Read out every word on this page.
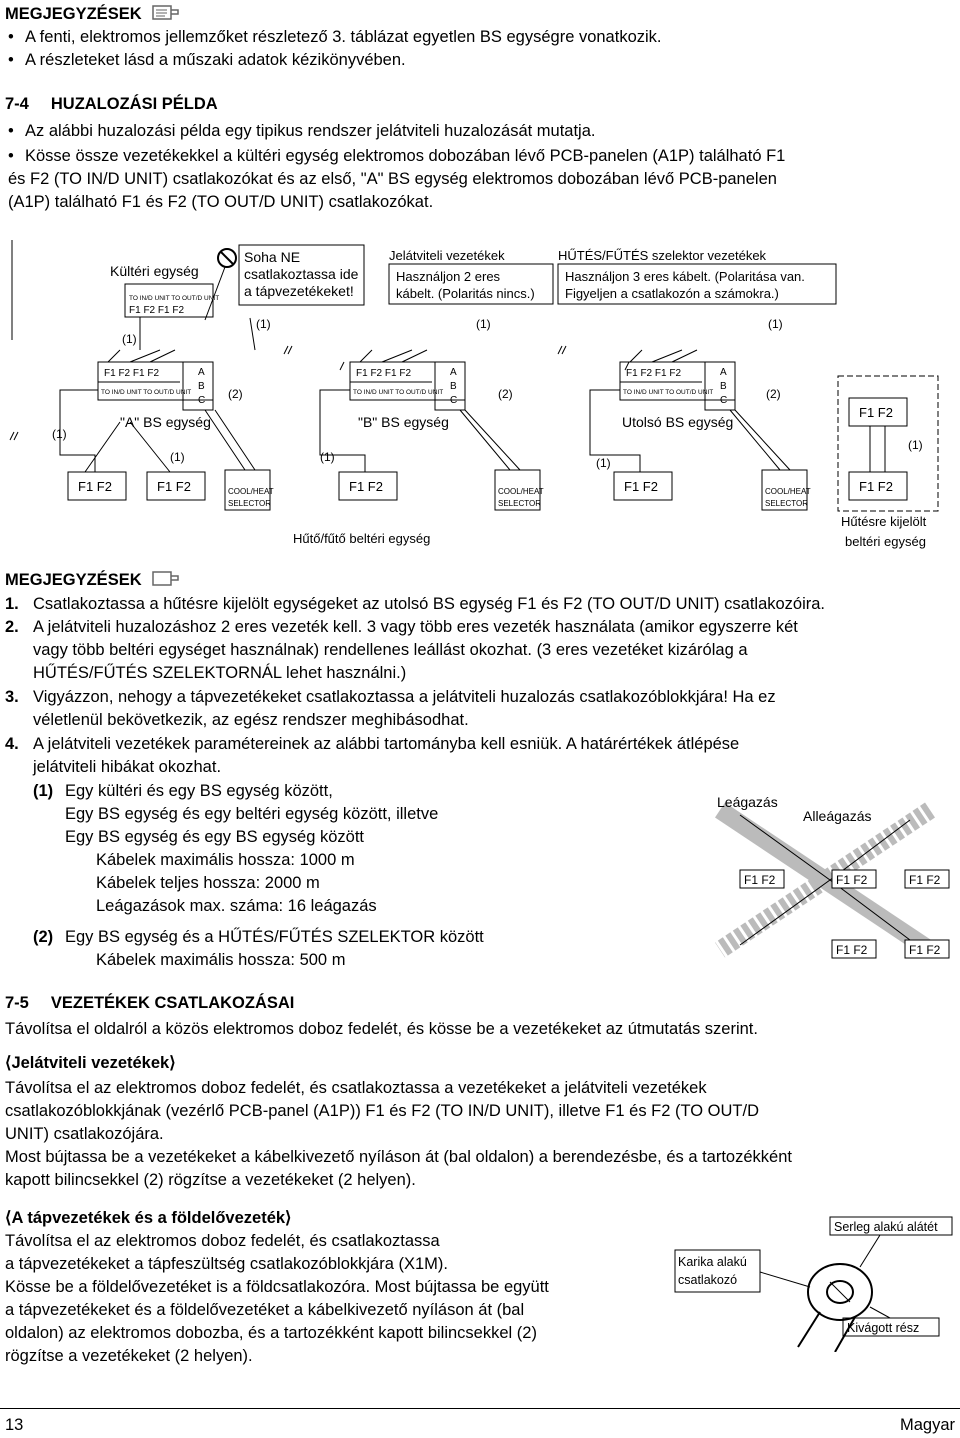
MEGJEGYZÉSEK
• A fenti, elektromos jellemzőket részletező 3. táblázat egyetlen BS egységre vonatkozik.
• A részleteket lásd a műszaki adatok kézikönyvében.
7-4 HUZALOZÁSI PÉLDA
• Az alábbi huzalozási példa egy tipikus rendszer jelátviteli huzalozását mutatja.
• Kösse össze vezetékekkel a kültéri egység elektromos dobozában lévő PCB-panelen (A1P) található F1
és F2 (TO IN/D UNIT) csatlakozókat és az első, "A" BS egység elektromos dobozában lévő PCB-panelen
(A1P) található F1 és F2 (TO OUT/D UNIT) csatlakozókat.
Kültéri egység
TO IN/D UNIT TO OUT/D UNIT
F1 F2 F1 F2
Soha NE
csatlakoztassa ide
a tápvezetékeket!
Jelátviteli vezetékek
Használjon 2 eres
kábelt. (Polaritás nincs.)
HŰTÉS/FŰTÉS szelektor vezetékek
Használjon 3 eres kábelt. (Polaritása van.
Figyeljen a csatlakozón a számokra.)
(1)
(1)	(1)	(1)
F1 F2 F1 F2
TO IN/D UNIT TO OUT/D UNIT
A
B
C (2)
"A" BS egység
F1 F2 F1 F2
TO IN/D UNIT TO OUT/D UNIT
A
B
C	(2)
"B" BS egység
F1 F2 F1 F2
TO IN/D UNIT TO OUT/D UNIT
A
B
C	(2)
Utolsó BS egység
(1)
(1)	(1)	(1)
(1)
F1 F2	F1 F2	F1 F2	F1 F2
F1 F2
F1 F2
COOL/HEAT
SELECTOR
COOL/HEAT
SELECTOR
COOL/HEAT
SELECTOR
Hűtő/fűtő beltéri egység
Hűtésre kijelölt
beltéri egység
MEGJEGYZÉSEK
1. Csatlakoztassa a hűtésre kijelölt egységeket az utolsó BS egység F1 és F2 (TO OUT/D UNIT) csatlakozóira.
2. A jelátviteli huzalozáshoz 2 eres vezeték kell. 3 vagy több eres vezeték használata (amikor egyszerre két
vagy több beltéri egységet használnak) rendellenes leállást okozhat. (3 eres vezetéket kizárólag a
HŰTÉS/FŰTÉS SZELEKTORNÁL lehet használni.)
3. Vigyázzon, nehogy a tápvezetékeket csatlakoztassa a jelátviteli huzalozás csatlakozóblokkjára! Ha ez
véletlenül bekövetkezik, az egész rendszer meghibásodhat.
4. A jelátviteli vezetékek paramétereinek az alábbi tartományba kell esniük. A határértékek átlépése
jelátviteli hibákat okozhat.
(1) Egy kültéri és egy BS egység között,
Egy BS egység és egy beltéri egység között, illetve
Egy BS egység és egy BS egység között
Kábelek maximális hossza: 1000 m
Kábelek teljes hossza: 2000 m
Leágazások max. száma: 16 leágazás
(2) Egy BS egység és a HŰTÉS/FŰTÉS SZELEKTOR között
Kábelek maximális hossza: 500 m
Leágazás
Alleágazás
F1 F2	F1 F2	F1 F2
F1 F2	F1 F2
7-5 VEZETÉKEK CSATLAKOZÁSAI
Távolítsa el oldalról a közös elektromos doboz fedelét, és kösse be a vezetékeket az útmutatás szerint.
⟨Jelátviteli vezetékek⟩
Távolítsa el az elektromos doboz fedelét, és csatlakoztassa a vezetékeket a jelátviteli vezetékek
csatlakozóblokkjának (vezérlő PCB-panel (A1P)) F1 és F2 (TO IN/D UNIT), illetve F1 és F2 (TO OUT/D
UNIT) csatlakozójára.
Most bújtassa be a vezetékeket a kábelkivezető nyíláson át (bal oldalon) a berendezésbe, és a tartozékként
kapott bilincsekkel (2) rögzítse a vezetékeket (2 helyen).
⟨A tápvezetékek és a földelővezeték⟩
Távolítsa el az elektromos doboz fedelét, és csatlakoztassa
a tápvezetékeket a tápfeszültség csatlakozóblokkjára (X1M).
Kösse be a földelővezetéket is a földcsatlakozóra. Most bújtassa be együtt
a tápvezetékeket és a földelővezetéket a kábelkivezető nyíláson át (bal
oldalon) az elektromos dobozba, és a tartozékként kapott bilincsekkel (2)
rögzítse a vezetékeket (2 helyen).
Karika alakú
csatlakozó
Serleg alakú alátét
Kivágott rész
13	Magyar
